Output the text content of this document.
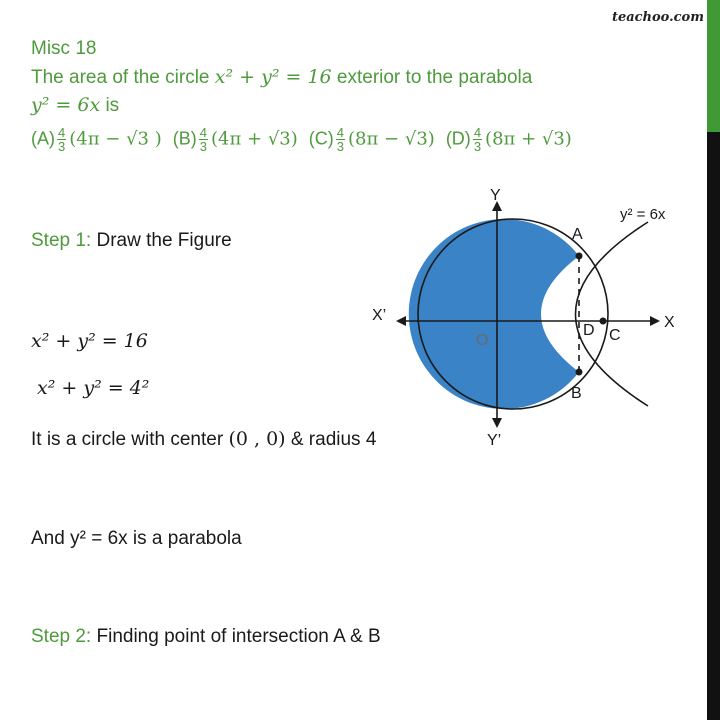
teachoo.com
Misc 18
The area of the circle x² + y² = 16 exterior to the parabola
y² = 6x is
$(A) \frac{4}{3} (4\pi - √3$ ) $(B) \frac{4}{3} (4\pi + √3)$ $(C) \frac{4}{3} (8\pi - √3)$ $(D) \frac{4}{3} (8\pi + √3)$
Step 1: Draw the Figure
x² + y² = 16
x² + y² = 4²
It is a circle with center (0 , 0) & radius 4
And y² = 6x is a parabola
Step 2: Finding point of intersection A & B
Y
Y’
X
X’
O
A
B
C
D
y² = 6x
